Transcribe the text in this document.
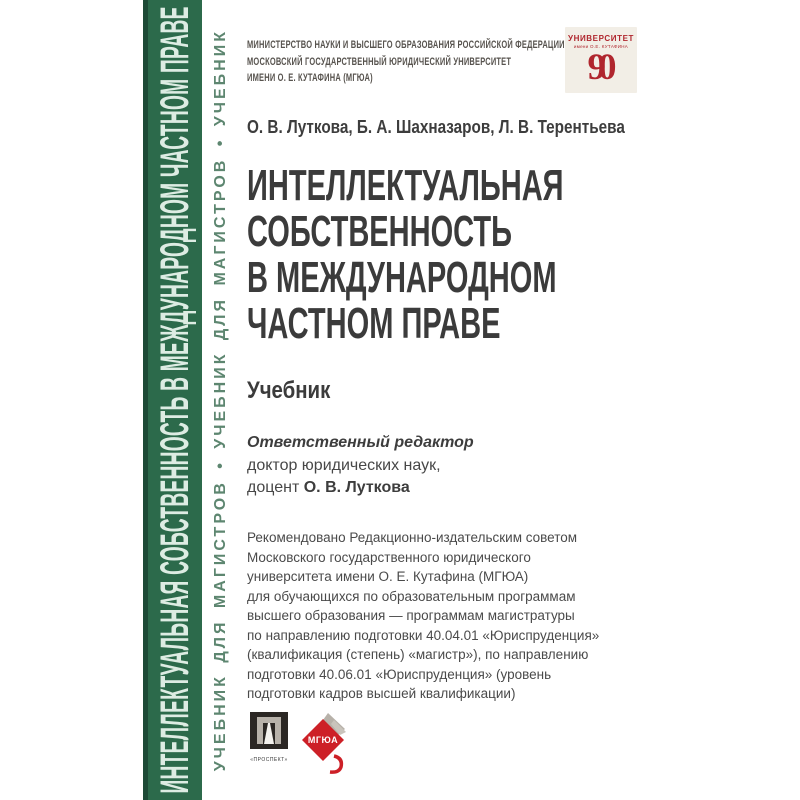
ИНТЕЛЛЕКТУАЛЬНАЯ СОБСТВЕННОСТЬ В МЕЖДУНАРОДНОМ ЧАСТНОМ ПРАВЕ УЧЕБНИК ДЛЯ МАГИСТРОВ • УЧЕБНИК ДЛЯ МАГИСТРОВ • УЧЕБНИК МИНИСТЕРСТВО НАУКИ И ВЫСШЕГО ОБРАЗОВАНИЯ РОССИЙСКОЙ ФЕДЕРАЦИИ
МОСКОВСКИЙ ГОСУДАРСТВЕННЫЙ ЮРИДИЧЕСКИЙ УНИВЕРСИТЕТ
ИМЕНИ О. Е. КУТАФИНА (МГЮА)
УНИВЕРСИТЕТ
имени О.Е. КУТАФИНА
90
О. В. Луткова, Б. А. Шахназаров, Л. В. Терентьева
ИНТЕЛЛЕКТУАЛЬНАЯ
СОБСТВЕННОСТЬ
В МЕЖДУНАРОДНОМ
ЧАСТНОМ ПРАВЕ
Учебник
Ответственный редактор
доктор юридических наук,
доцент О. В. Луткова
Рекомендовано Редакционно-издательским советом
Московского государственного юридического
университета имени О. Е. Кутафина (МГЮА)
для обучающихся по образовательным программам
высшего образования — программам магистратуры
по направлению подготовки 40.04.01 «Юриспруденция»
(квалификация (степень) «магистр»), по направлению
подготовки 40.06.01 «Юриспруденция» (уровень
подготовки кадров высшей квалификации)
«ПРОСПЕКТ»
МГЮА
